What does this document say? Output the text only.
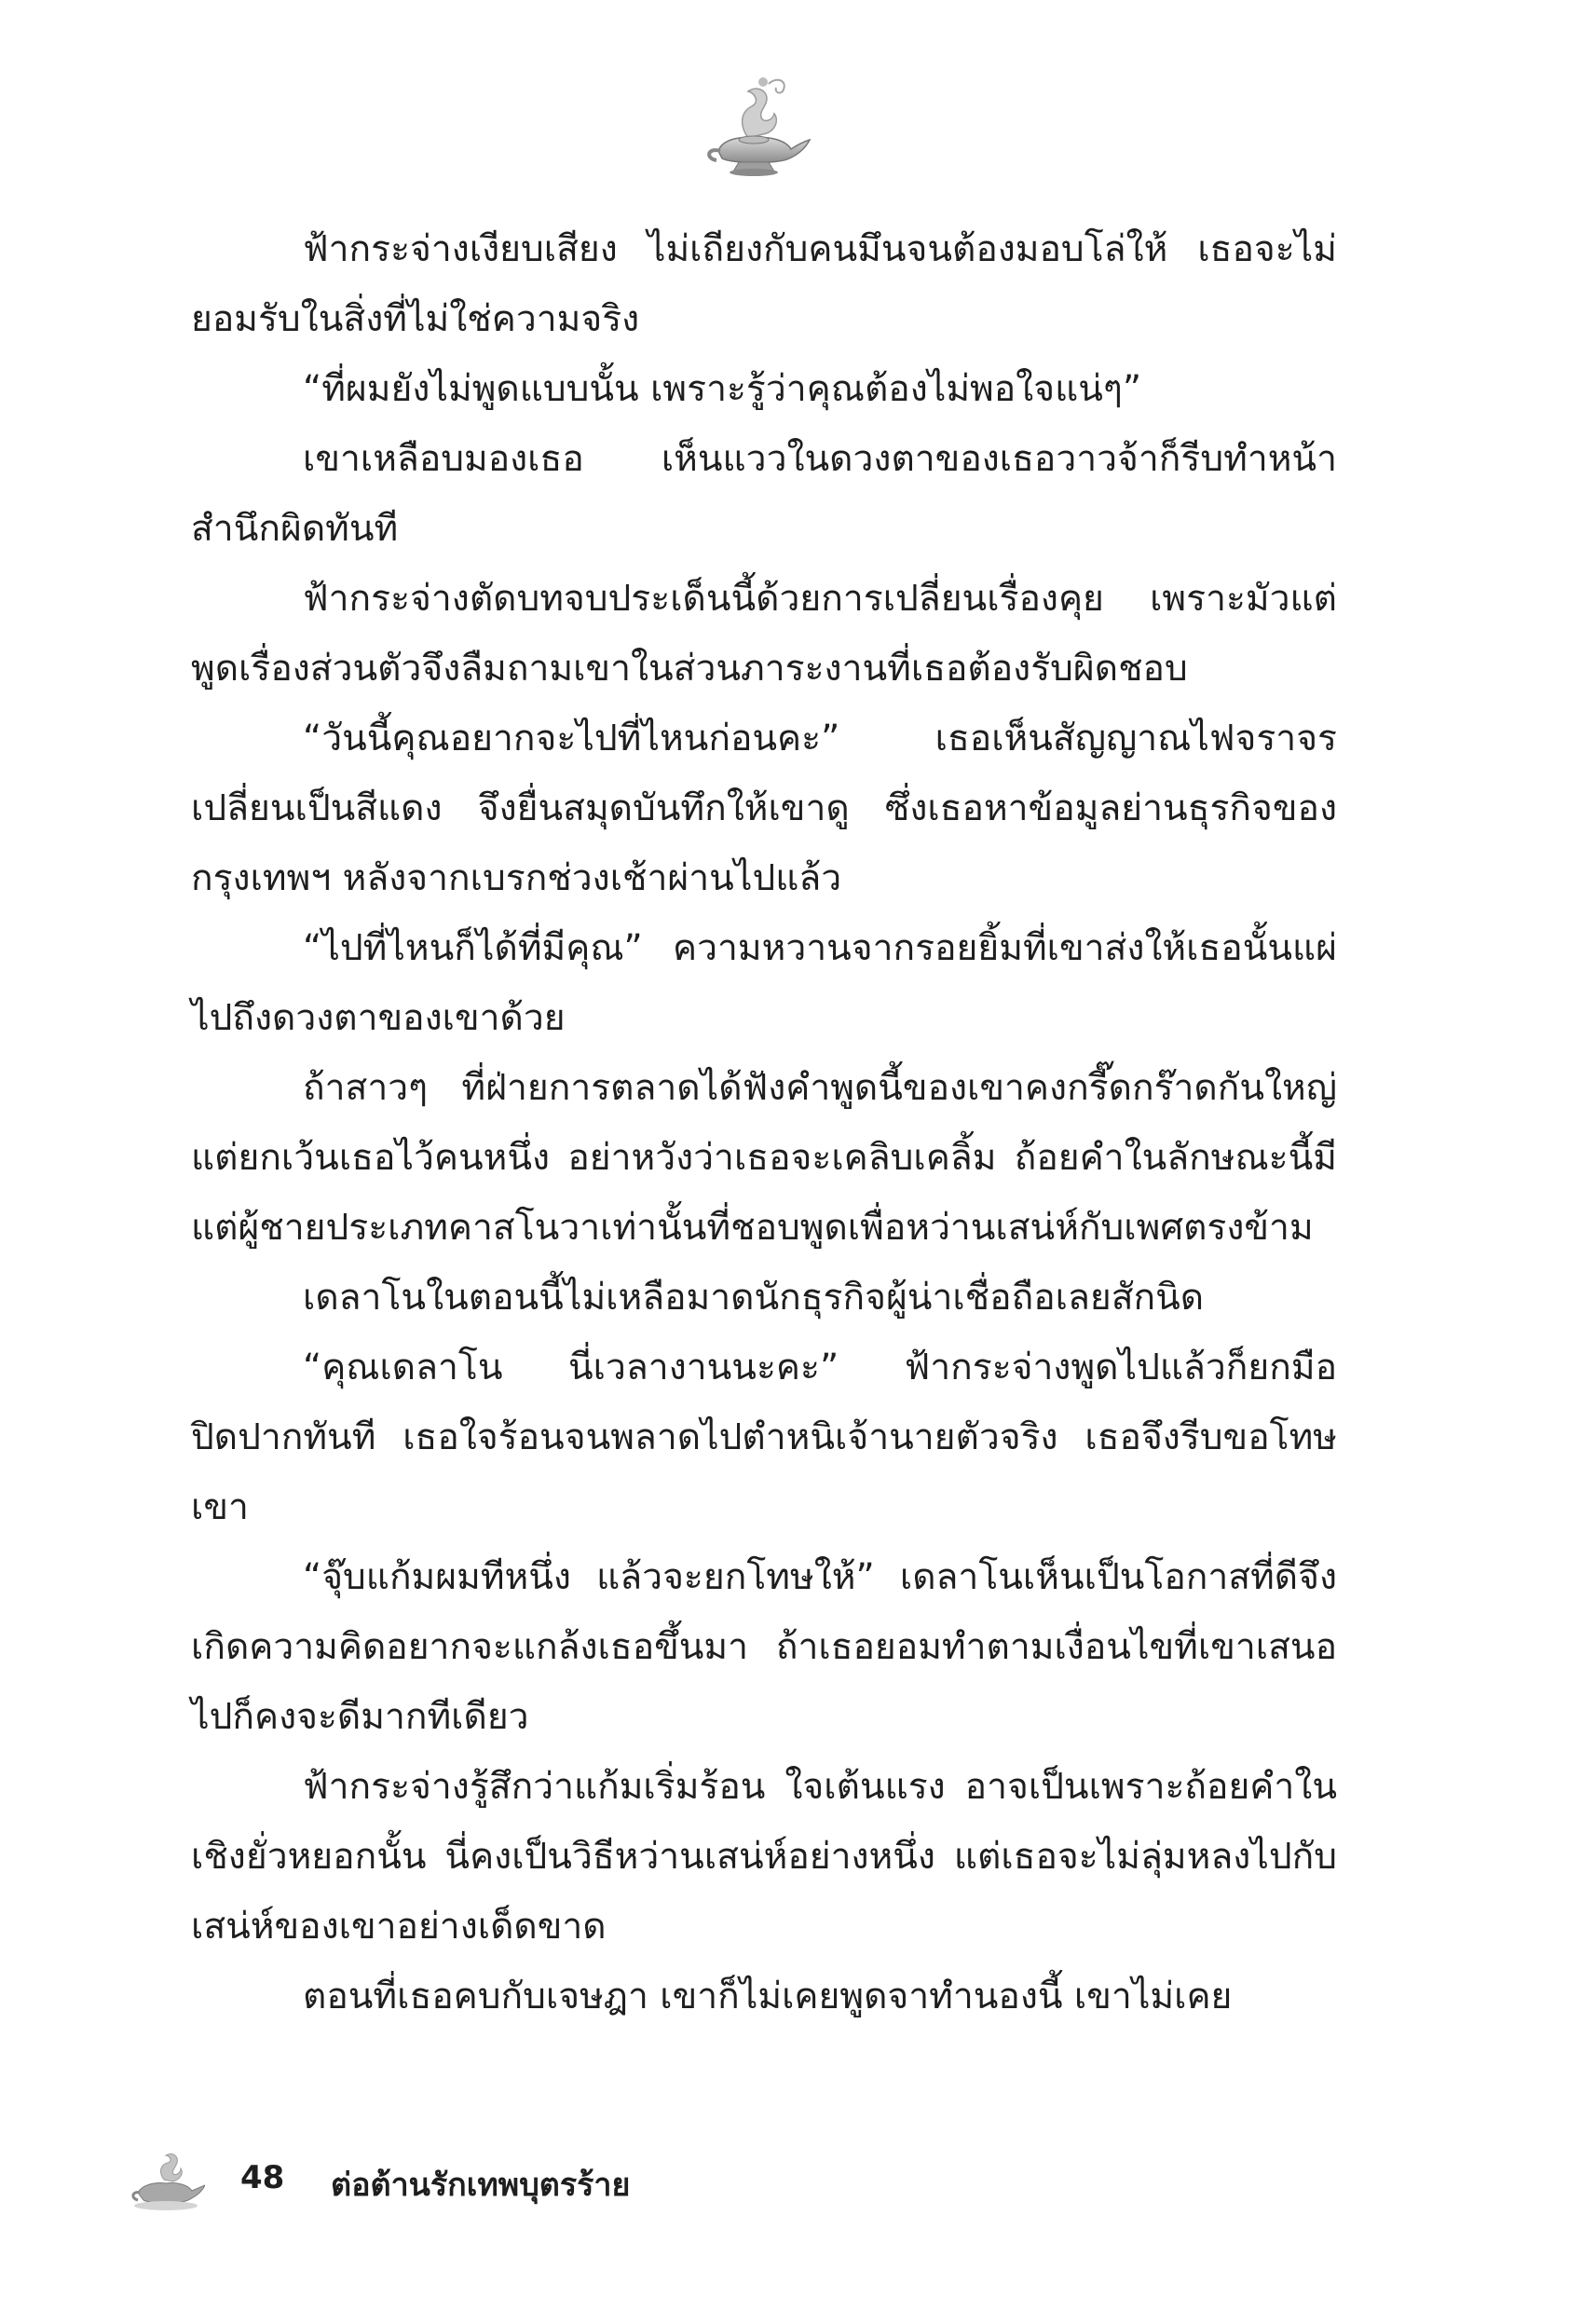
ฟ้ากระจ่างเงียบเสียง ไม่เถียงกับคนมึนจนต้องมอบโล่ให้ เธอจะไม่ยอมรับในสิ่งที่ไม่ใช่ความจริง

“ที่ผมยังไม่พูดแบบนั้น เพราะรู้ว่าคุณต้องไม่พอใจแน่ๆ”

เขาเหลือบมองเธอ เห็นแววในดวงตาของเธอวาวจ้าก็รีบทำหน้าสำนึกผิดทันที

ฟ้ากระจ่างตัดบทจบประเด็นนี้ด้วยการเปลี่ยนเรื่องคุย เพราะมัวแต่พูดเรื่องส่วนตัวจึงลืมถามเขาในส่วนภาระงานที่เธอต้องรับผิดชอบ

“วันนี้คุณอยากจะไปที่ไหนก่อนคะ” เธอเห็นสัญญาณไฟจราจรเปลี่ยนเป็นสีแดง จึงยื่นสมุดบันทึกให้เขาดู ซึ่งเธอหาข้อมูลย่านธุรกิจของกรุงเทพฯ หลังจากเบรกช่วงเช้าผ่านไปแล้ว

“ไปที่ไหนก็ได้ที่มีคุณ” ความหวานจากรอยยิ้มที่เขาส่งให้เธอนั้นแผ่ไปถึงดวงตาของเขาด้วย

ถ้าสาวๆ ที่ฝ่ายการตลาดได้ฟังคำพูดนี้ของเขาคงกรี๊ดกร๊าดกันใหญ่ แต่ยกเว้นเธอไว้คนหนึ่ง อย่าหวังว่าเธอจะเคลิบเคลิ้ม ถ้อยคำในลักษณะนี้มีแต่ผู้ชายประเภทคาสโนวาเท่านั้นที่ชอบพูดเพื่อหว่านเสน่ห์กับเพศตรงข้าม

เดลาโนในตอนนี้ไม่เหลือมาดนักธุรกิจผู้น่าเชื่อถือเลยสักนิด

“คุณเดลาโน นี่เวลางานนะคะ” ฟ้ากระจ่างพูดไปแล้วก็ยกมือปิดปากทันที เธอใจร้อนจนพลาดไปตำหนิเจ้านายตัวจริง เธอจึงรีบขอโทษเขา

“จุ๊บแก้มผมทีหนึ่ง แล้วจะยกโทษให้” เดลาโนเห็นเป็นโอกาสที่ดีจึงเกิดความคิดอยากจะแกล้งเธอขึ้นมา ถ้าเธอยอมทำตามเงื่อนไขที่เขาเสนอไปก็คงจะดีมากทีเดียว

ฟ้ากระจ่างรู้สึกว่าแก้มเริ่มร้อน ใจเต้นแรง อาจเป็นเพราะถ้อยคำในเชิงยั่วหยอกนั้น นี่คงเป็นวิธีหว่านเสน่ห์อย่างหนึ่ง แต่เธอจะไม่ลุ่มหลงไปกับเสน่ห์ของเขาอย่างเด็ดขาด

ตอนที่เธอคบกับเจษฎา เขาก็ไม่เคยพูดจาทำนองนี้ เขาไม่เคย

48 ต่อต้านรักเทพบุตรร้าย
